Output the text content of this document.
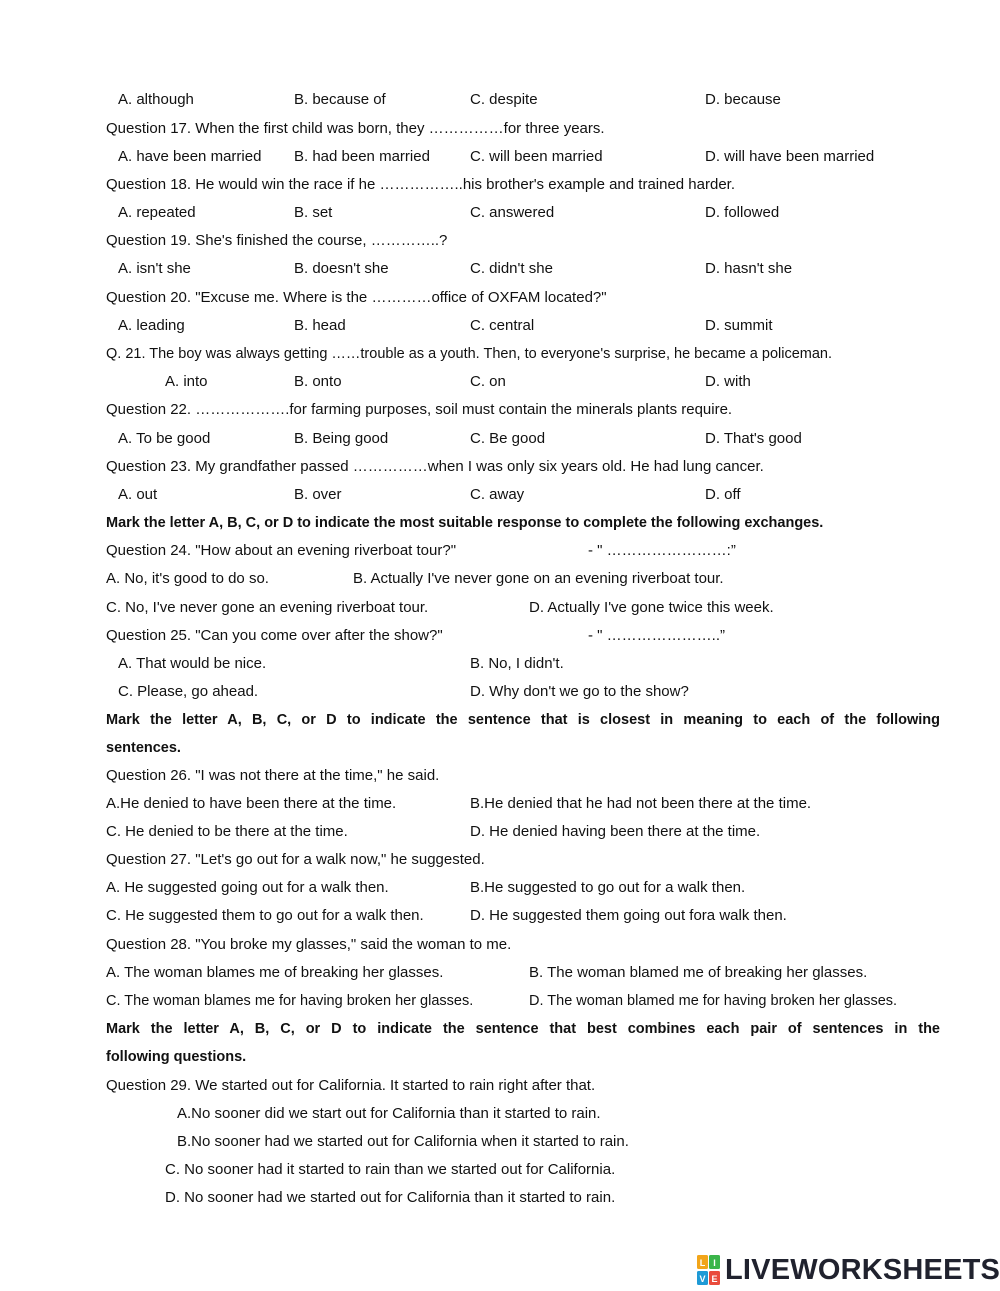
A. although	B. because of	C. despite	D. because
Question 17. When the first child was born, they ……………for three years.
A. have been married B. had been married	C. will been married	D. will have been married
Question 18. He would win the race if he ……………..his brother's example and trained harder.
A. repeated	B. set	C. answered	D. followed
Question 19. She's finished the course, …………..?
A. isn't she	B. doesn't she	C. didn't she	D. hasn't she
Question 20. "Excuse me. Where is the …………office of OXFAM located?"
A. leading	B. head	C. central	D. summit
Q. 21. The boy was always getting ……trouble as a youth. Then, to everyone's surprise, he became a policeman.
A. into	B. onto	C. on	D. with
Question 22. ……………….for farming purposes, soil must contain the minerals plants require.
A. To be good	B. Being good	C. Be good	D. That's good
Question 23. My grandfather passed ……………when I was only six years old. He had lung cancer.
A. out	B. over	C. away	D. off
Mark the letter A, B, C, or D to indicate the most suitable response to complete the following exchanges.
Question 24. "How about an evening riverboat tour?"	- " ……………………:”
A. No, it's good to do so.	B. Actually I've never gone on an evening riverboat tour.
C. No, I've never gone an evening riverboat tour.	D. Actually I've gone twice this week.
Question 25. "Can you come over after the show?"	- " …………………..”
A. That would be nice.	B. No, I didn't.
C. Please, go ahead.	D. Why don't we go to the show?
Mark the letter A, B, C, or D to indicate the sentence that is closest in meaning to each of the following
sentences.
Question 26. "I was not there at the time," he said.
A.He denied to have been there at the time.	B.He denied that he had not been there at the time.
C. He denied to be there at the time.	D. He denied having been there at the time.
Question 27. "Let's go out for a walk now," he suggested.
A. He suggested going out for a walk then.	B.He suggested to go out for a walk then.
C. He suggested them to go out for a walk then.	D. He suggested them going out fora walk then.
Question 28. "You broke my glasses," said the woman to me.
A. The woman blames me of breaking her glasses.	B. The woman blamed me of breaking her glasses.
C. The woman blames me for having broken her glasses.	D. The woman blamed me for having broken her glasses.
Mark the letter A, B, C, or D to indicate the sentence that best combines each pair of sentences in the
following questions.
Question 29. We started out for California. It started to rain right after that.
A.No sooner did we start out for California than it started to rain.
B.No sooner had we started out for California when it started to rain.
C. No sooner had it started to rain than we started out for California.
D. No sooner had we started out for California than it started to rain.
L I
V E LIVEWORKSHEETS
